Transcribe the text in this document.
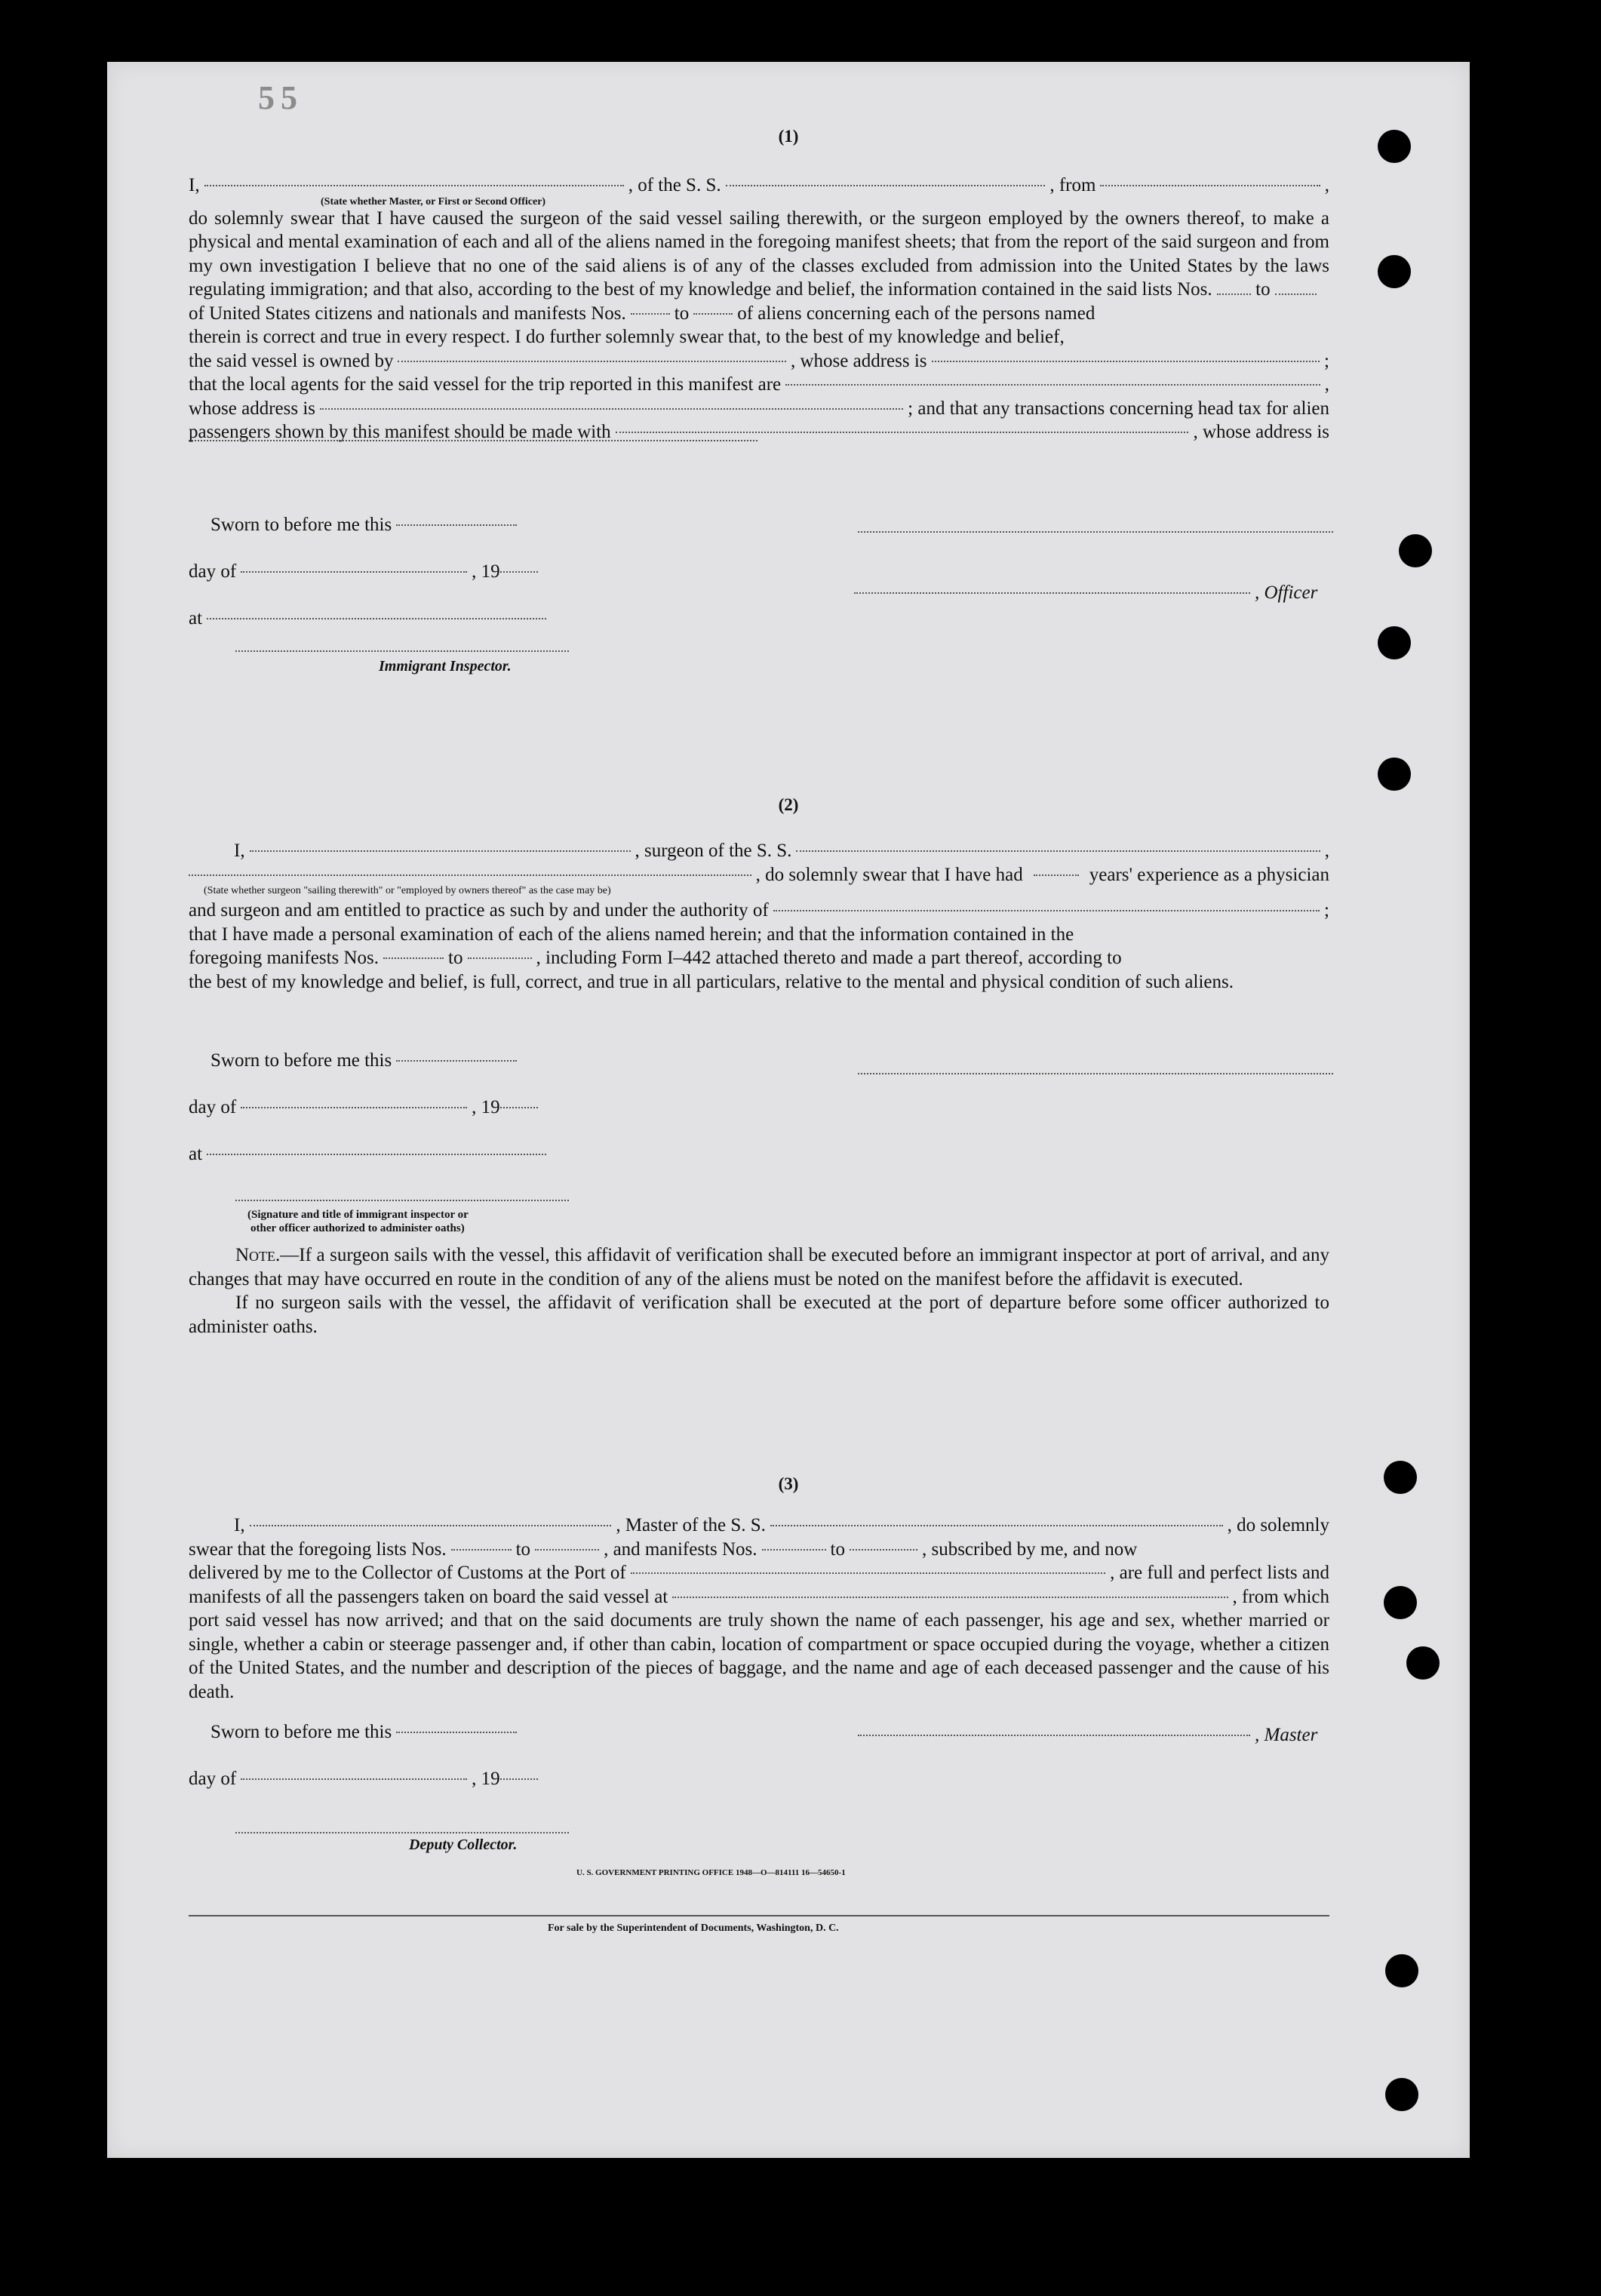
55
(1)
I,	, of the S. S.	, from	,
(State whether Master, or First or Second Officer)
do solemnly swear that I have caused the surgeon of the said vessel sailing therewith, or the surgeon employed by the owners thereof, to make a physical and mental examination of each and all of the aliens named in the foregoing manifest sheets; that from the report of the said surgeon and from my own investigation I believe that no one of the said aliens is of any of the classes excluded from admission into the United States by the laws regulating immigration; and that also, according to the best of my knowledge and belief, the information contained in the said lists Nos. to
of United States citizens and nationals and manifests Nos.	to	of aliens concerning each of the persons named
therein is correct and true in every respect. I do further solemnly swear that, to the best of my knowledge and belief,
the said vessel is owned by	, whose address is	;
that the local agents for the said vessel for the trip reported in this manifest are	,
whose address is	; and that any transactions concerning head tax for alien
passengers shown by this manifest should be made with	, whose address is
Sworn to before me this
day of	, 19
at
Immigrant Inspector.
, Officer
(2)
I,	, surgeon of the S. S.	,
, do solemnly swear that I have had	years' experience as a physician
(State whether surgeon "sailing therewith" or "employed by owners thereof" as the case may be)
and surgeon and am entitled to practice as such by and under the authority of	;
that I have made a personal examination of each of the aliens named herein; and that the information contained in the
foregoing manifests Nos.	to	, including Form I–442 attached thereto and made a part thereof, according to
the best of my knowledge and belief, is full, correct, and true in all particulars, relative to the mental and physical condition of such aliens.
Sworn to before me this
day of	, 19
at
(Signature and title of immigrant inspector or
other officer authorized to administer oaths)
Note.—If a surgeon sails with the vessel, this affidavit of verification shall be executed before an immigrant inspector at port of arrival, and any changes that may have occurred en route in the condition of any of the aliens must be noted on the manifest before the affidavit is executed.
If no surgeon sails with the vessel, the affidavit of verification shall be executed at the port of departure before some officer authorized to administer oaths.
(3)
I,	, Master of the S. S.	, do solemnly
swear that the foregoing lists Nos.	to	, and manifests Nos.	to	, subscribed by me, and now
delivered by me to the Collector of Customs at the Port of	, are full and perfect lists and
manifests of all the passengers taken on board the said vessel at	, from which
port said vessel has now arrived; and that on the said documents are truly shown the name of each passenger, his age and sex, whether married or single, whether a cabin or steerage passenger and, if other than cabin, location of compartment or space occupied during the voyage, whether a citizen of the United States, and the number and description of the pieces of baggage, and the name and age of each deceased passenger and the cause of his death.
Sworn to before me this	, Master
day of	, 19
Deputy Collector.
U. S. GOVERNMENT PRINTING OFFICE 1948—O—814111 16—54650-1
For sale by the Superintendent of Documents, Washington, D. C.
